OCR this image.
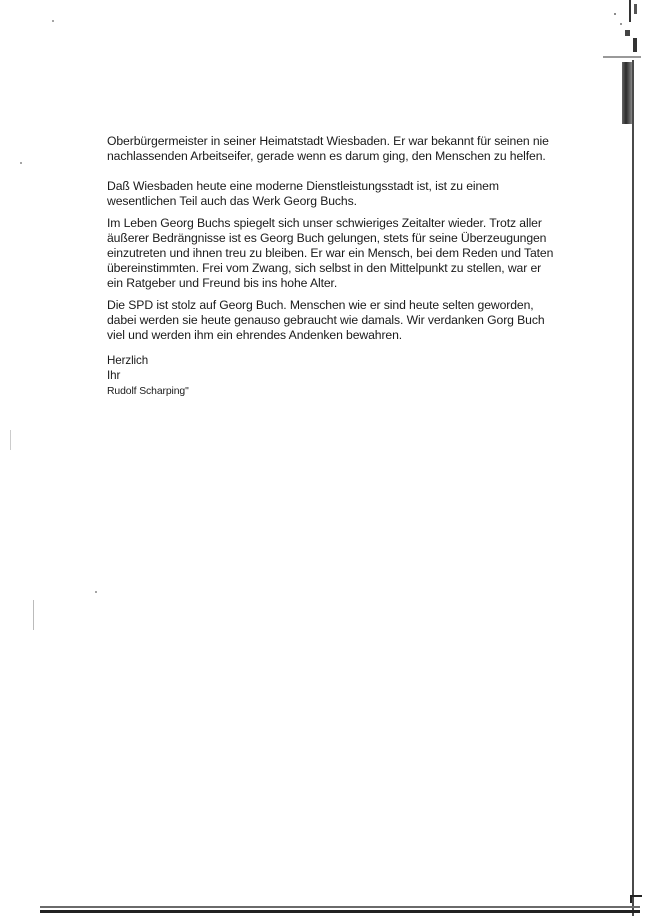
Oberbürgermeister in seiner Heimatstadt Wiesbaden. Er war bekannt für seinen nie
nachlassenden Arbeitseifer, gerade wenn es darum ging, den Menschen zu helfen.

Daß Wiesbaden heute eine moderne Dienstleistungsstadt ist, ist zu einem
wesentlichen Teil auch das Werk Georg Buchs.

Im Leben Georg Buchs spiegelt sich unser schwieriges Zeitalter wieder. Trotz aller
äußerer Bedrängnisse ist es Georg Buch gelungen, stets für seine Überzeugungen
einzutreten und ihnen treu zu bleiben. Er war ein Mensch, bei dem Reden und Taten
übereinstimmten. Frei vom Zwang, sich selbst in den Mittelpunkt zu stellen, war er
ein Ratgeber und Freund bis ins hohe Alter.

Die SPD ist stolz auf Georg Buch. Menschen wie er sind heute selten geworden,
dabei werden sie heute genauso gebraucht wie damals. Wir verdanken Gorg Buch
viel und werden ihm ein ehrendes Andenken bewahren.

Herzlich

Ihr

Rudolf Scharping"
